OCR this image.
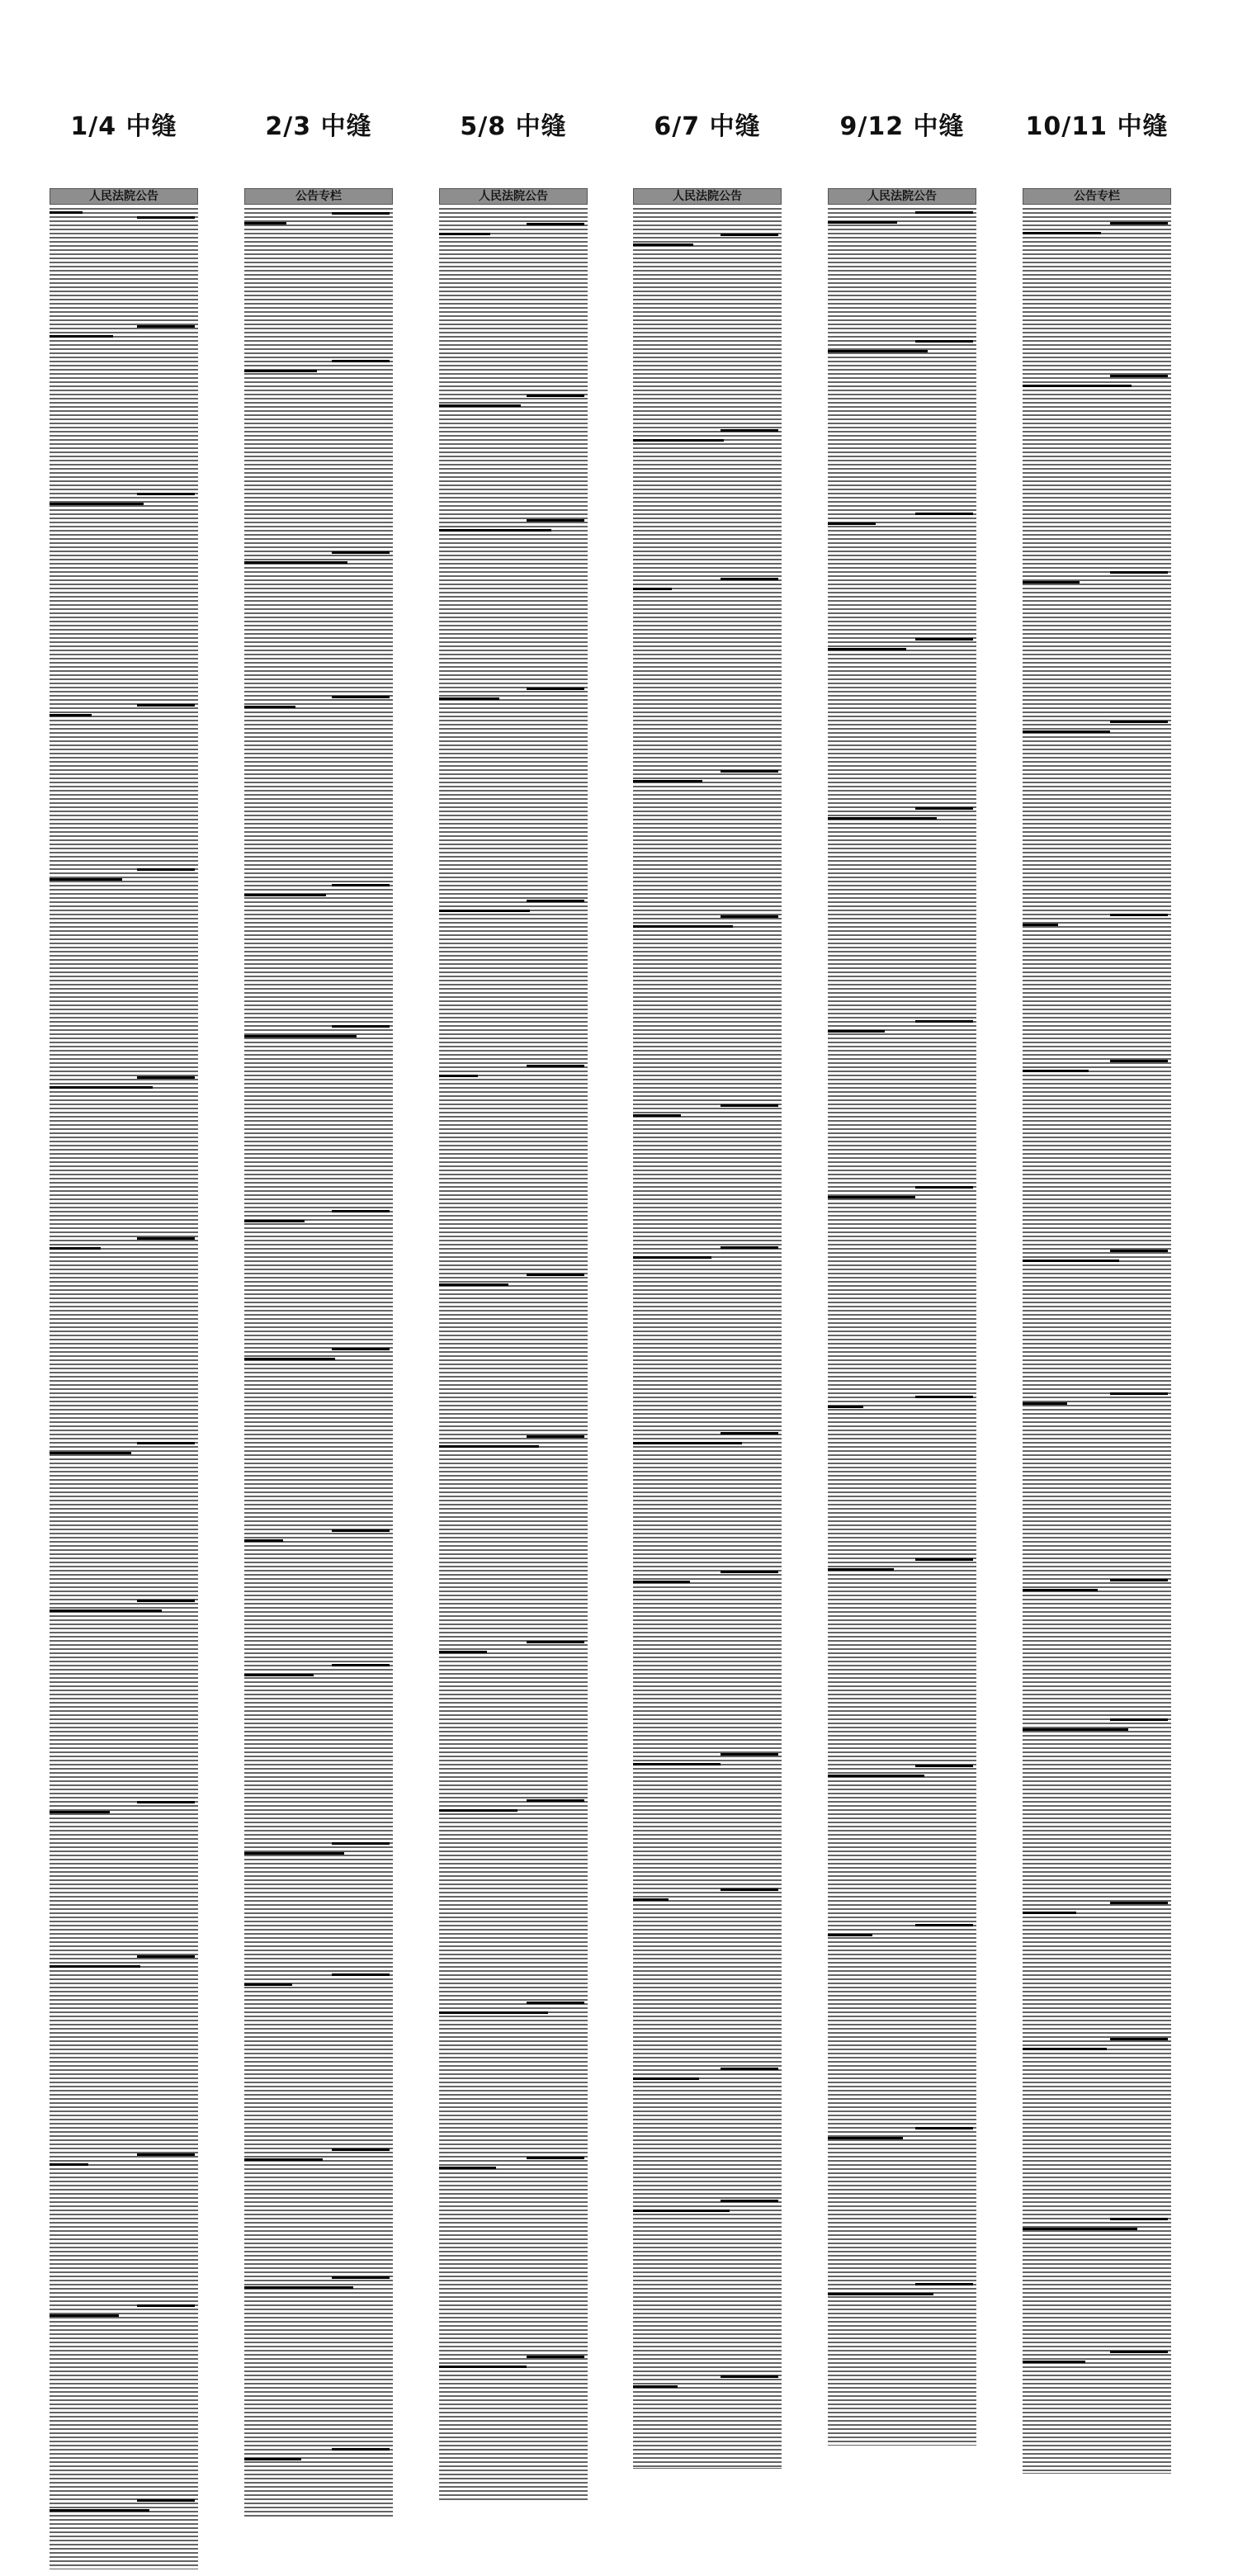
1/4 中缝
人民法院公告
2/3 中缝
公告专栏
5/8 中缝
人民法院公告
6/7 中缝
人民法院公告
9/12 中缝
人民法院公告
10/11 中缝
公告专栏
